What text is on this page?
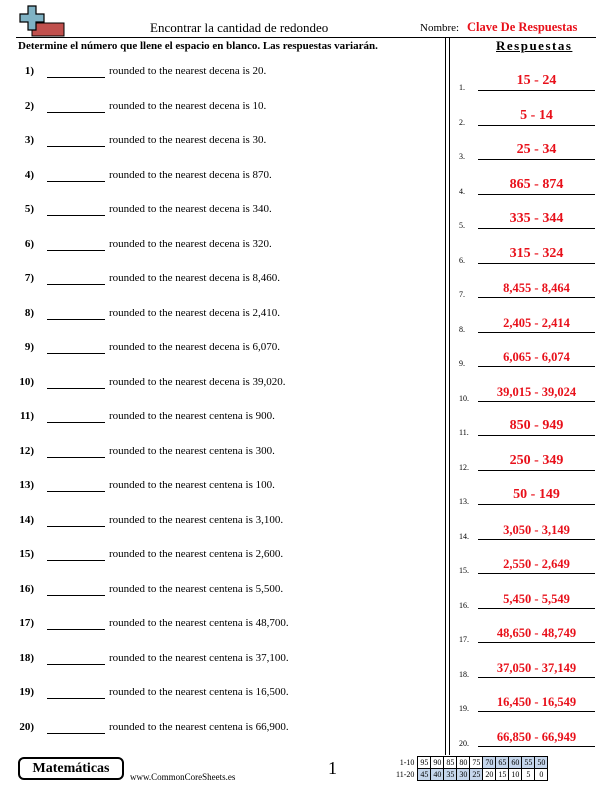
Encontrar la cantidad de redondeo	Nombre: Clave De Respuestas
Determine el número que llene el espacio en blanco. Las respuestas variarán.	Respuestas
1)	rounded to the nearest decena is 20.
2)	rounded to the nearest decena is 10.
3)	rounded to the nearest decena is 30.
4)	rounded to the nearest decena is 870.
5)	rounded to the nearest decena is 340.
6)	rounded to the nearest decena is 320.
7)	rounded to the nearest decena is 8,460.
8)	rounded to the nearest decena is 2,410.
9)	rounded to the nearest decena is 6,070.
10)	rounded to the nearest decena is 39,020.
11)	rounded to the nearest centena is 900.
12)	rounded to the nearest centena is 300.
13)	rounded to the nearest centena is 100.
14)	rounded to the nearest centena is 3,100.
15)	rounded to the nearest centena is 2,600.
16)	rounded to the nearest centena is 5,500.
17)	rounded to the nearest centena is 48,700.
18)	rounded to the nearest centena is 37,100.
19)	rounded to the nearest centena is 16,500.
20)	rounded to the nearest centena is 66,900.
1.	15 - 24
2.	5 - 14
3.	25 - 34
4.	865 - 874
5.	335 - 344
6.	315 - 324
7.	8,455 - 8,464
8.	2,405 - 2,414
9.	6,065 - 6,074
10.	39,015 - 39,024
11.	850 - 949
12.	250 - 349
13.	50 - 149
14.	3,050 - 3,149
15.	2,550 - 2,649
16.	5,450 - 5,549
17.	48,650 - 48,749
18.	37,050 - 37,149
19.	16,450 - 16,549
20.	66,850 - 66,949
Matemáticas
www.CommonCoreSheets.es	1	1-10	95	90	85	80	75	70	65	60	55	50
11-20	45	40	35	30	25	20	15	10	5	0
